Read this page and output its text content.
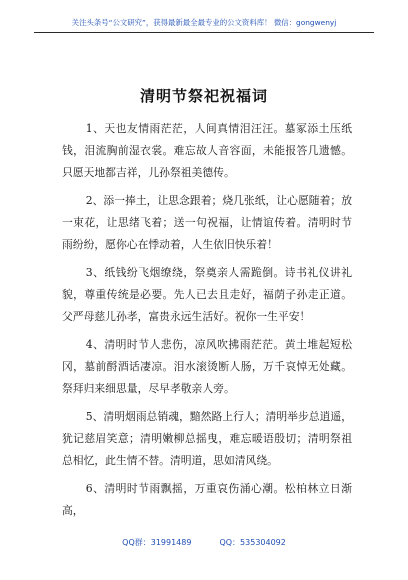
关注头条号“公文研究”，获得最新最全最专业的公文资料库！ 微信：gongwenyj
清明节祭祀祝福词

1、天也友情雨茫茫，人间真情泪汪汪。墓冢添土压纸钱，泪流胸前湿衣裳。难忘故人音容面，未能报答几遗憾。只愿天地都吉祥，儿孙祭祖美德传。

2、添一捧土，让思念跟着；烧几张纸，让心愿随着；放一束花，让思绪飞着；送一句祝福，让情谊传着。清明时节雨纷纷，愿你心在悸动着，人生依旧快乐着！

3、纸钱纷飞烟缭绕，祭奠亲人需跪倒。诗书礼仪讲礼貌，尊重传统是必要。先人已去且走好，福荫子孙走正道。父严母慈儿孙孝，富贵永远生活好。祝你一生平安！

4、清明时节人悲伤，凉风吹拂雨茫茫。黄土堆起短松冈，墓前酹酒话凄凉。泪水滚烫断人肠，万千哀悼无处藏。祭拜归来细思量，尽早孝敬亲人旁。

5、清明烟雨总销魂，黯然路上行人；清明举步总逍遥，犹记慈眉笑意；清明嫩柳总摇曳，难忘暖语殷切；清明祭祖总相忆，此生情不替。清明道，思如清风绕。

6、清明时节雨飘摇，万重哀伤涌心潮。松柏林立日渐高，

QQ群：31991489	QQ：535304092
